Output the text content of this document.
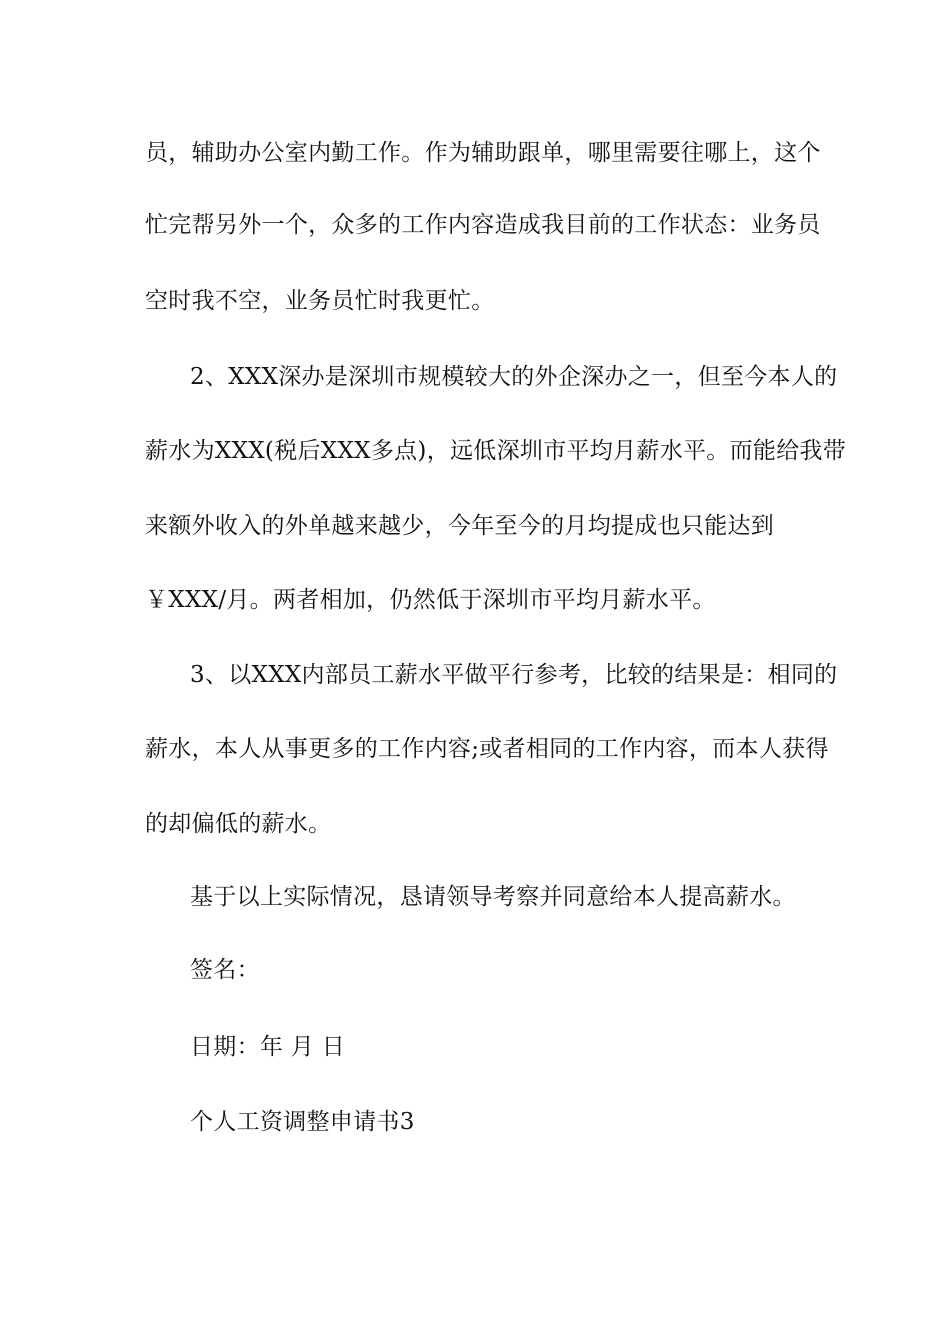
员，辅助办公室内勤工作。作为辅助跟单，哪里需要往哪上，这个
忙完帮另外一个，众多的工作内容造成我目前的工作状态：业务员
空时我不空，业务员忙时我更忙。
2、XXX深办是深圳市规模较大的外企深办之一，但至今本人的
薪水为XXX(税后XXX多点)，远低深圳市平均月薪水平。而能给我带
来额外收入的外单越来越少，今年至今的月均提成也只能达到
￥XXX/月。两者相加，仍然低于深圳市平均月薪水平。
3、以XXX内部员工薪水平做平行参考，比较的结果是：相同的
薪水，本人从事更多的工作内容;或者相同的工作内容，而本人获得
的却偏低的薪水。
基于以上实际情况，恳请领导考察并同意给本人提高薪水。
签名：
日期：年 月 日
个人工资调整申请书3
